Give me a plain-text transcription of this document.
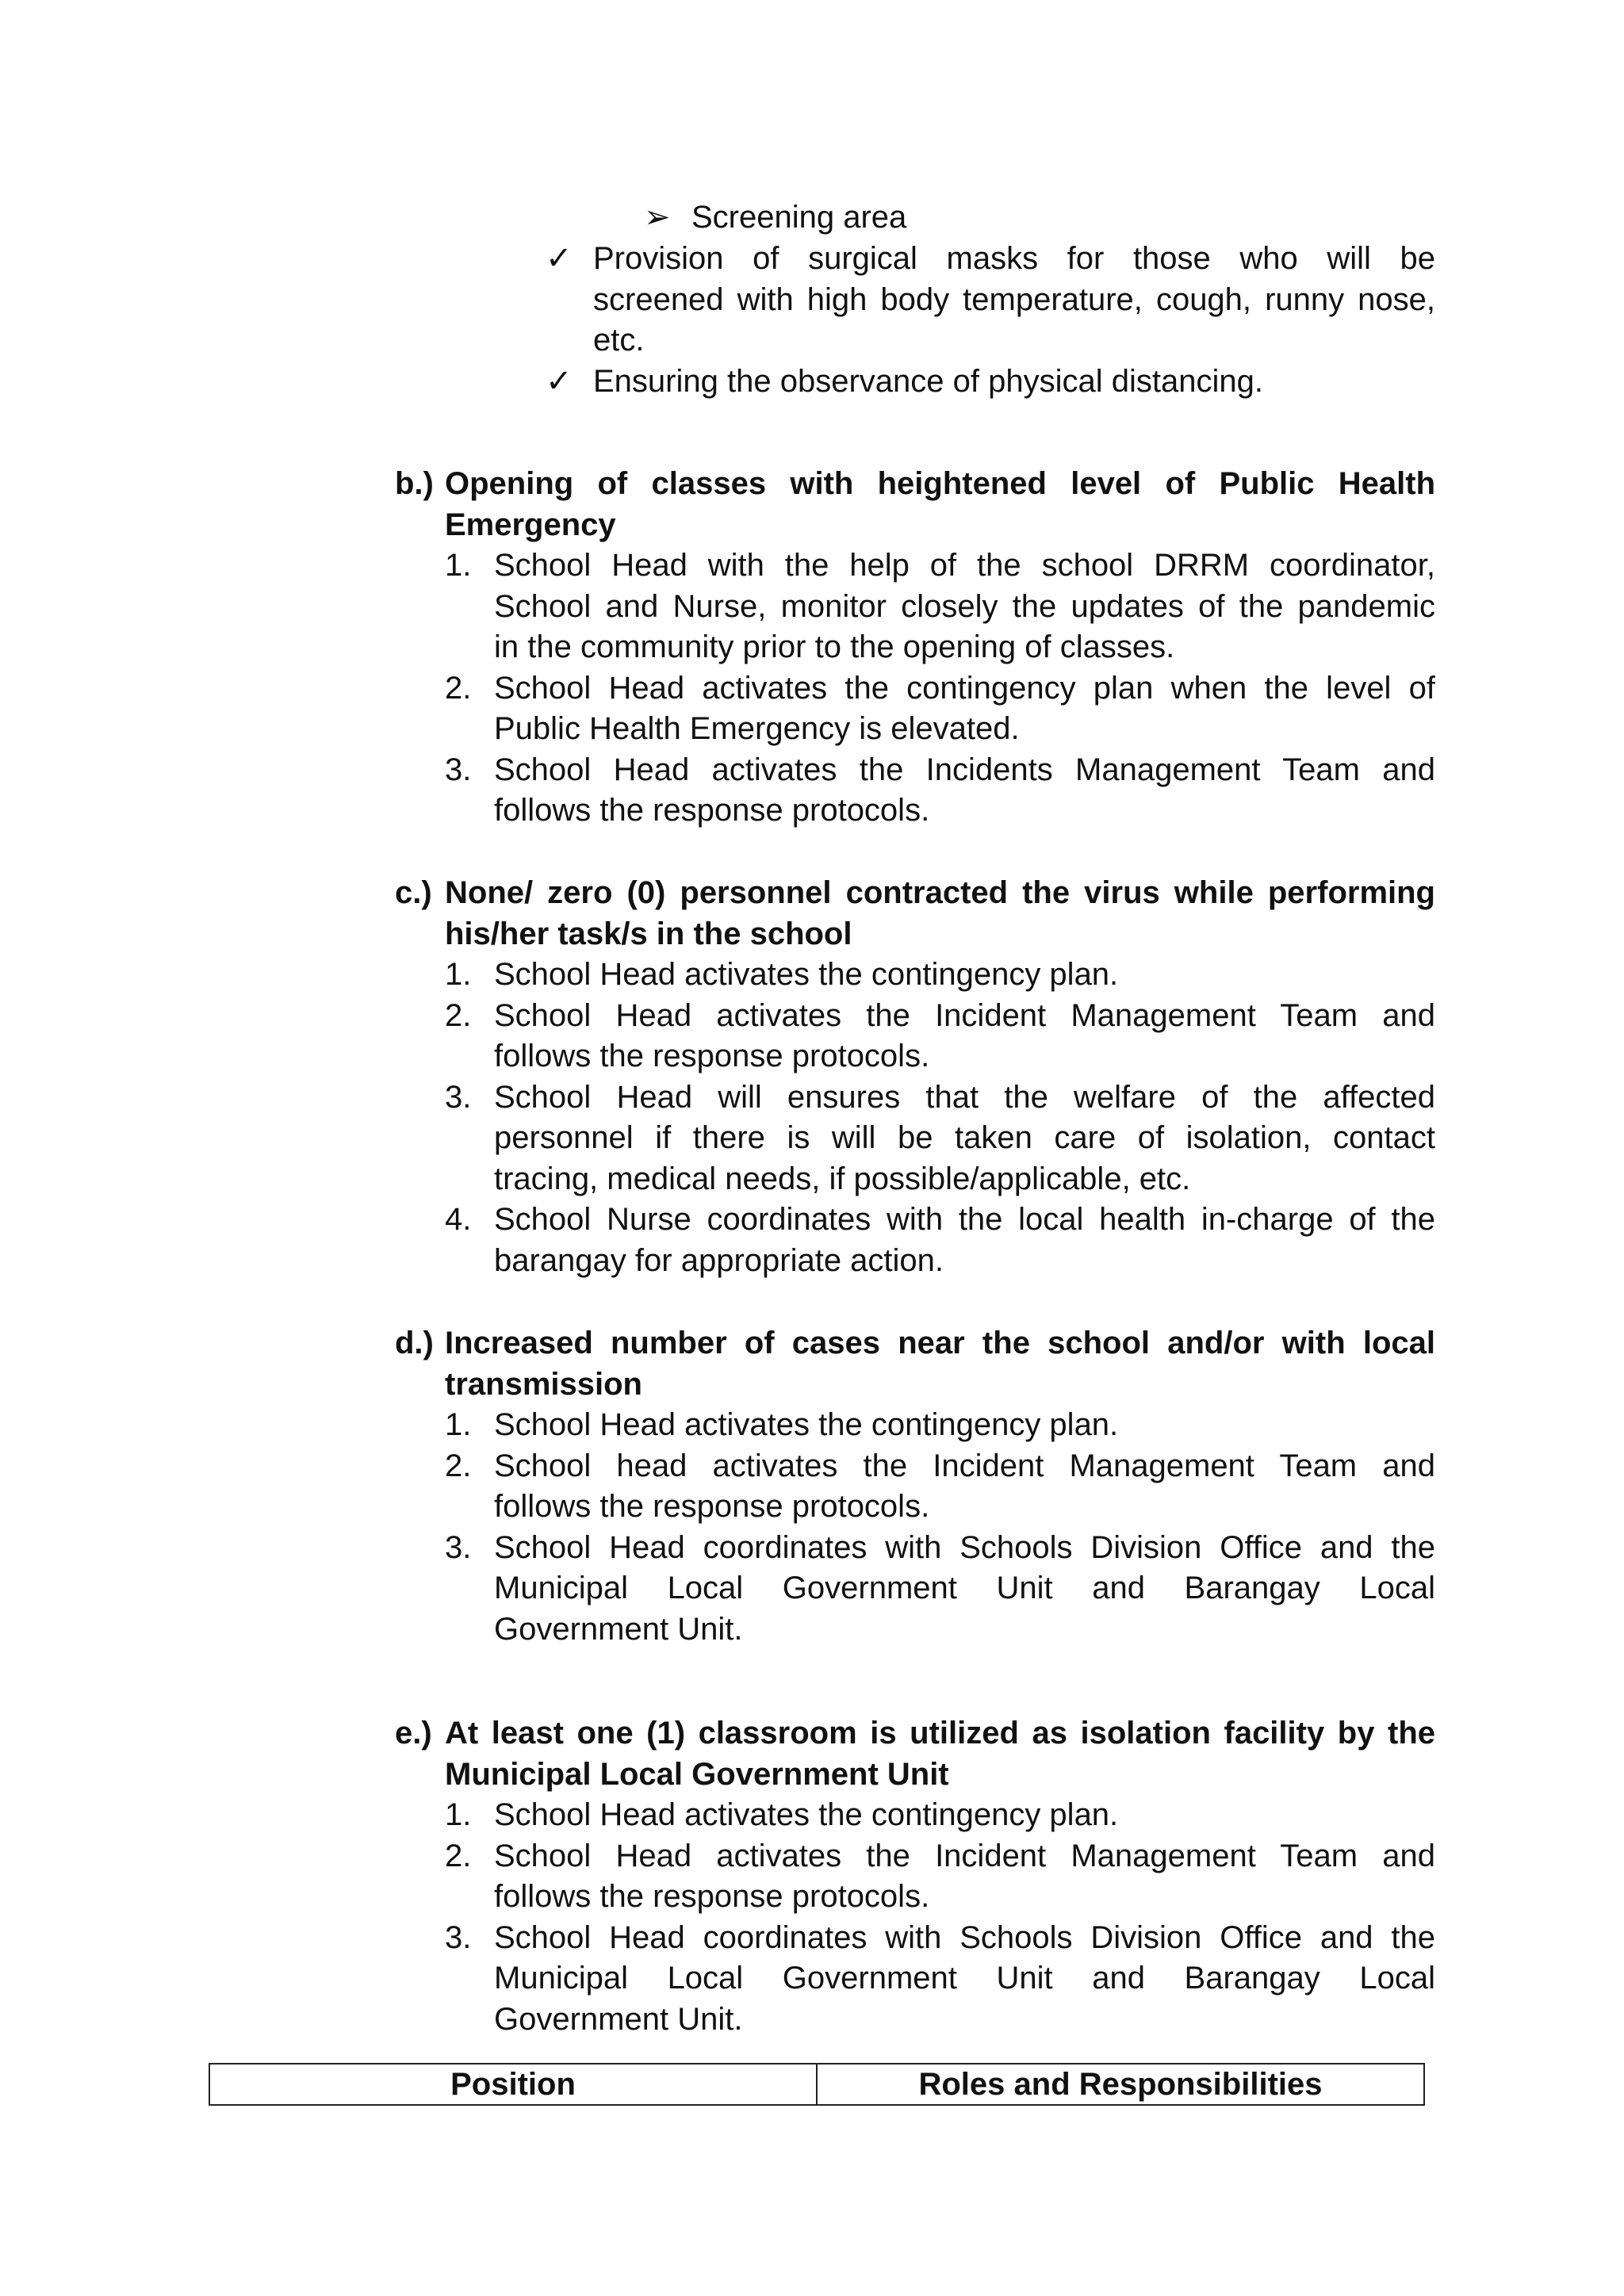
➢ Screening area
✓ Provision of surgical masks for those who will be
screened with high body temperature, cough, runny nose,
etc.
✓ Ensuring the observance of physical distancing.
b.) Opening of classes with heightened level of Public Health
Emergency
1. School Head with the help of the school DRRM coordinator,
School and Nurse, monitor closely the updates of the pandemic
in the community prior to the opening of classes.
2. School Head activates the contingency plan when the level of
Public Health Emergency is elevated.
3. School Head activates the Incidents Management Team and
follows the response protocols.
c.) None/ zero (0) personnel contracted the virus while performing
his/her task/s in the school
1. School Head activates the contingency plan.
2. School Head activates the Incident Management Team and
follows the response protocols.
3. School Head will ensures that the welfare of the affected
personnel if there is will be taken care of isolation, contact
tracing, medical needs, if possible/applicable, etc.
4. School Nurse coordinates with the local health in-charge of the
barangay for appropriate action.
d.) Increased number of cases near the school and/or with local
transmission
1. School Head activates the contingency plan.
2. School head activates the Incident Management Team and
follows the response protocols.
3. School Head coordinates with Schools Division Office and the
Municipal Local Government Unit and Barangay Local
Government Unit.
e.) At least one (1) classroom is utilized as isolation facility by the
Municipal Local Government Unit
1. School Head activates the contingency plan.
2. School Head activates the Incident Management Team and
follows the response protocols.
3. School Head coordinates with Schools Division Office and the
Municipal Local Government Unit and Barangay Local
Government Unit.
Position	Roles and Responsibilities
